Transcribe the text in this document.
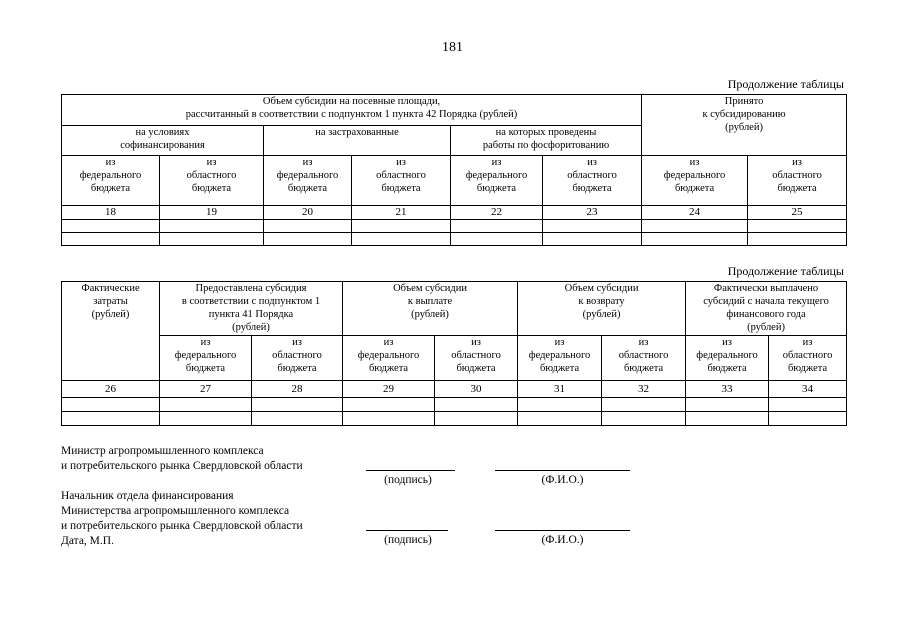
181
Продолжение таблицы
Объем субсидии на посевные площади,
рассчитанный в соответствии с подпунктом 1 пункта 42 Порядка (рублей)						Принято
к субсидированию
(рублей)	
на условиях
софинансирования		на застрахованные		на которых проведены
работы по фосфоритованию			
из
федерального
бюджета	из
областного
бюджета	из
федерального
бюджета	из
областного
бюджета	из
федерального
бюджета	из
областного
бюджета	из
федерального
бюджета	из
областного
бюджета
18	19	20	21	22	23	24	25

Продолжение таблицы
Фактические
затраты
(рублей)	Предоставлена субсидия
в соответствии с подпунктом 1
пункта 41 Порядка
(рублей)		Объем субсидии
к выплате
(рублей)		Объем субсидии
к возврату
(рублей)		Фактически выплачено
субсидий с начала текущего
финансового года
(рублей)	
	из
федерального
бюджета	из
областного
бюджета	из
федерального
бюджета	из
областного
бюджета	из
федерального
бюджета	из
областного
бюджета	из
федерального
бюджета	из
областного
бюджета
26	27	28	29	30	31	32	33	34

Министр агропромышленного комплекса
и потребительского рынка Свердловской области
(подпись)	(Ф.И.О.)
Начальник отдела финансирования
Министерства агропромышленного комплекса
и потребительского рынка Свердловской области
Дата, М.П.	(подпись)	(Ф.И.О.)
